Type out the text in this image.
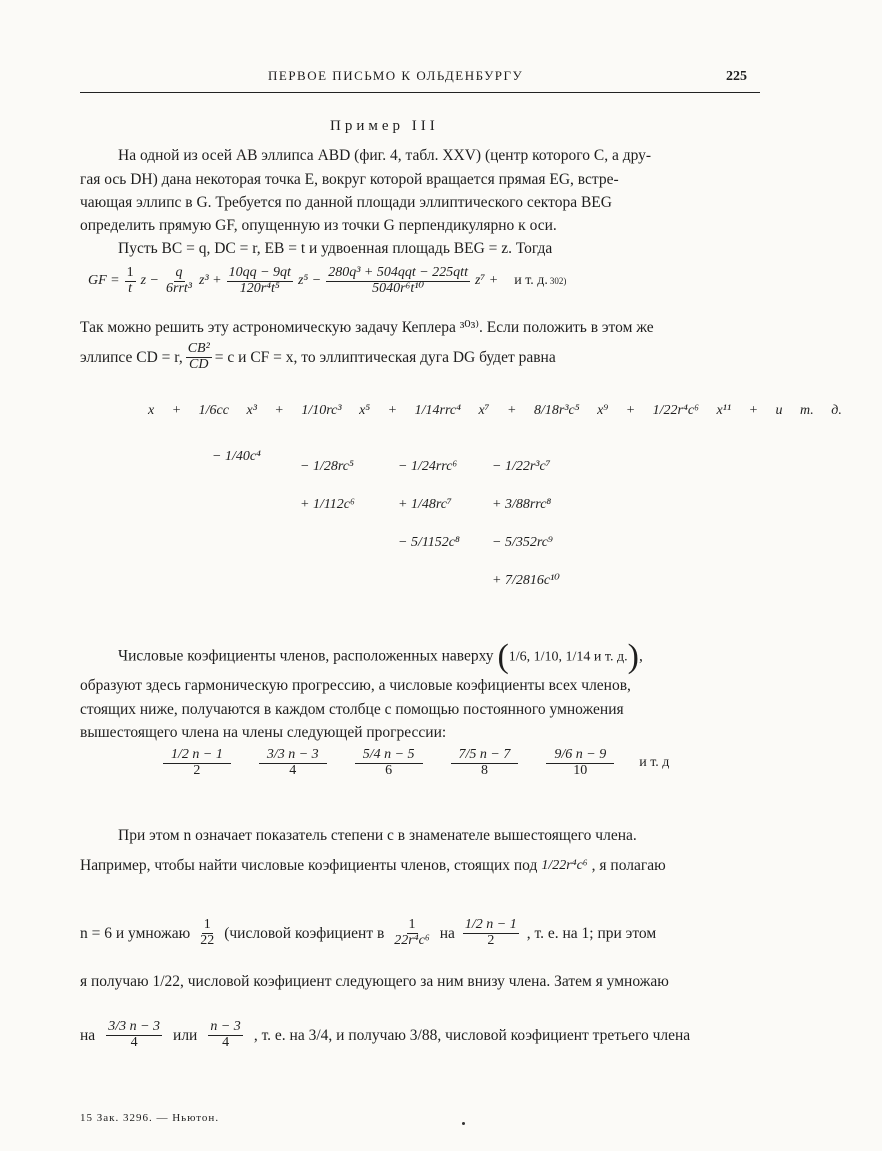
ПЕРВОЕ ПИСЬМО К ОЛЬДЕНБУРГУ	225
Пример III
На одной из осей AB эллипса ABD (фиг. 4, табл. XXV) (центр которого C, а дру-
гая ось DH) дана некоторая точка E, вокруг которой вращается прямая EG, встре-
чающая эллипс в G. Требуется по данной площади эллиптического сектора BEG
определить прямую GF, опущенную из точки G перпендикулярно к оси.
Пусть BC = q, DC = r, EB = t и удвоенная площадь BEG = z. Тогда
GF = $\frac{1}{t}$ $z - \frac{q}{\text{6rrt³}} z^3 + \frac{10qq - 9qt}{\text{120r⁴t⁵}} z^5 - \frac{\text{280q³ + 504qqt − 225qtt}}{\text{5040r⁶t¹⁰}} z^7 + и$ т. д. 302)
Так можно решить эту астрономическую задачу Кеплера ³⁰³⁾. Если положить в этом же
эллипсе CD = r, $\frac{\text{CB²}}{CD} = c$ и CF = x, то эллиптическая дуга DG будет равна
x + 1/6cc x³ + 1/10rc³ x⁵ + 1/14rrc⁴ x⁷ + 8/18r³c⁵ x⁹ + 1/22r⁴c⁶ x¹¹ + и т. д.
− 1/40c⁴
− 1/28rc⁵
+ 1/112c⁶
− 1/24rrc⁶
+ 1/48rc⁷
− 5/1152c⁸
− 1/22r³c⁷
+ 3/88rrc⁸
− 5/352rc⁹
+ 7/2816c¹⁰
Числовые коэфициенты членов, расположенных наверху (1/6, 1/10, 1/14 и т. д.),
образуют здесь гармоническую прогрессию, а числовые коэфициенты всех членов,
стоящих ниже, получаются в каждом столбце с помощью постоянного умножения
вышестоящего члена на члены следующей прогрессии:
$\frac{1/2 n - 1}{2} \frac{3/3 n - 3}{4} \frac{5/4 n - 5}{6} \frac{7/5 n - 7}{8} \frac{9/6 n - 9}{10}$ и т. д
При этом n означает показатель степени c в знаменателе вышестоящего члена.
Например, чтобы найти числовые коэфициенты членов, стоящих под 1/22r⁴c⁶ , я полагаю
n = 6 и умножаю $\frac{1}{22}$ (числовой коэфициент в $\frac{1}{\text{22r⁴c⁶}}$ на $\frac{1/2 n - 1}{2}$ , т. е. на 1; при этом
я получаю 1/22, числовой коэфициент следующего за ним внизу члена. Затем я умножаю
на $\frac{3/3 n - 3}{4}$ или $\frac{n - 3}{4}$ , т. е. на 3/4, и получаю 3/88, числовой коэфициент третьего члена
15 Зак. 3296. — Ньютон.
